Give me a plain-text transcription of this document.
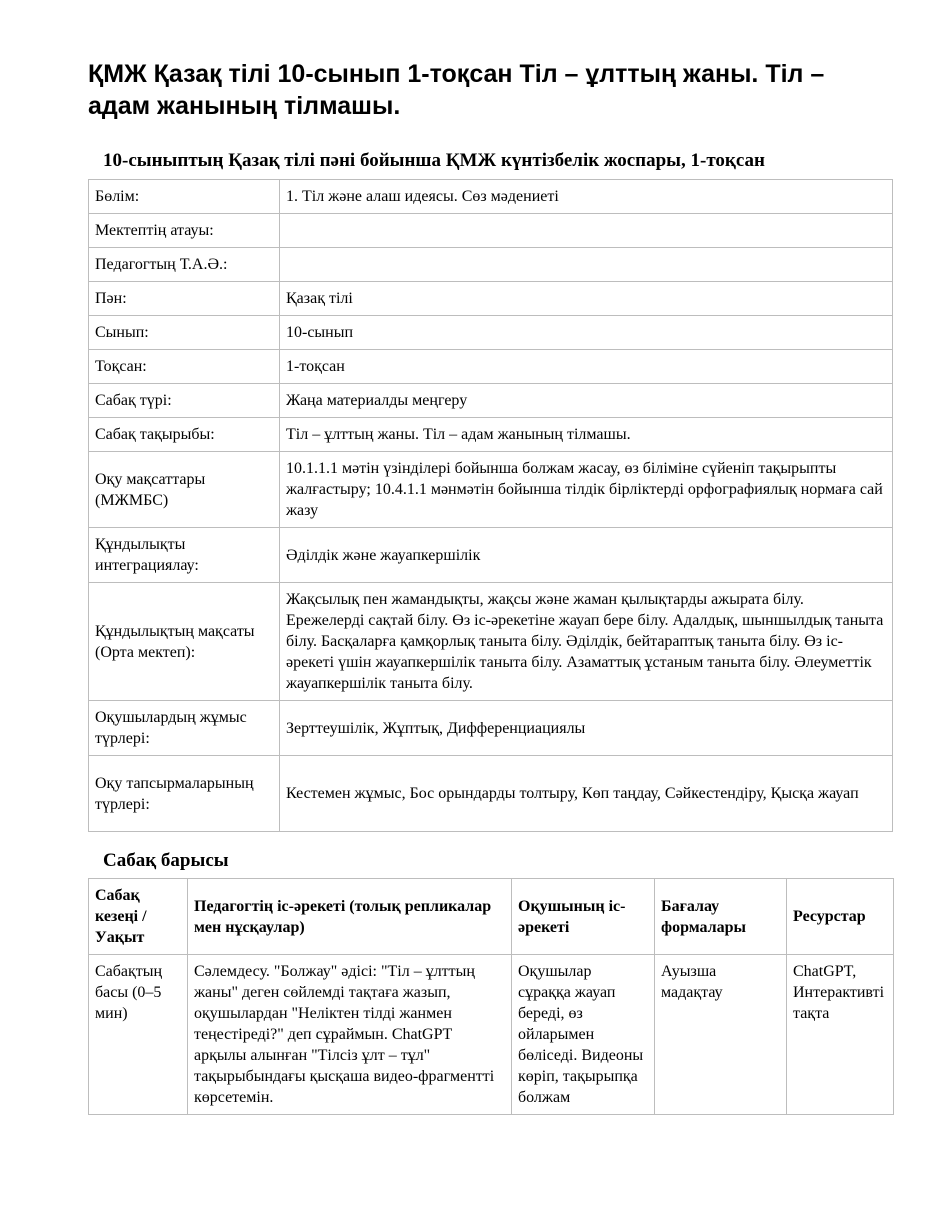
ҚМЖ Қазақ тілі 10-сынып 1-тоқсан Тіл – ұлттың жаны. Тіл – адам жанының тілмашы.
10-сыныптың Қазақ тілі пәні бойынша ҚМЖ күнтізбелік жоспары, 1-тоқсан
Бөлім:	1. Тіл және алаш идеясы. Сөз мәдениеті
Мектептің атауы:	
Педагогтың Т.А.Ә.:	
Пән:	Қазақ тілі
Сынып:	10-сынып
Тоқсан:	1-тоқсан
Сабақ түрі:	Жаңа материалды меңгеру
Сабақ тақырыбы:	Тіл – ұлттың жаны. Тіл – адам жанының тілмашы.
Оқу мақсаттары (МЖМБС)	10.1.1.1 мәтін үзінділері бойынша болжам жасау, өз біліміне сүйеніп тақырыпты жалғастыру; 10.4.1.1 мәнмәтін бойынша тілдік бірліктерді орфографиялық нормаға сай жазу
Құндылықты интеграциялау:	Әділдік және жауапкершілік
Құндылықтың мақсаты (Орта мектеп):	Жақсылық пен жамандықты, жақсы және жаман қылықтарды ажырата білу. Ережелерді сақтай білу. Өз іс-әрекетіне жауап бере білу. Адалдық, шыншылдық таныта білу. Басқаларға қамқорлық таныта білу. Әділдік, бейтараптық таныта білу. Өз іс-әрекеті үшін жауапкершілік таныта білу. Азаматтық ұстаным таныта білу. Әлеуметтік жауапкершілік таныта білу.
Оқушылардың жұмыс түрлері:	Зерттеушілік, Жұптық, Дифференциациялы
Оқу тапсырмаларының түрлері:	Кестемен жұмыс, Бос орындарды толтыру, Көп таңдау, Сәйкестендіру, Қысқа жауап
Сабақ барысы
Сабақ кезеңі / Уақыт	Педагогтің іс-әрекеті (толық репликалар мен нұсқаулар)	Оқушының іс-әрекеті	Бағалау формалары	Ресурстар
Сабақтың басы (0–5 мин)	Сәлемдесу. "Болжау" әдісі: "Тіл – ұлттың жаны" деген сөйлемді тақтаға жазып, оқушылардан "Неліктен тілді жанмен теңестіреді?" деп сұраймын. ChatGPT арқылы алынған "Тілсіз ұлт – тұл" тақырыбындағы қысқаша видео-фрагментті көрсетемін.	Оқушылар сұраққа жауап береді, өз ойларымен бөліседі. Видеоны көріп, тақырыпқа болжам	Ауызша мадақтау	ChatGPT, Интерактивті тақта
